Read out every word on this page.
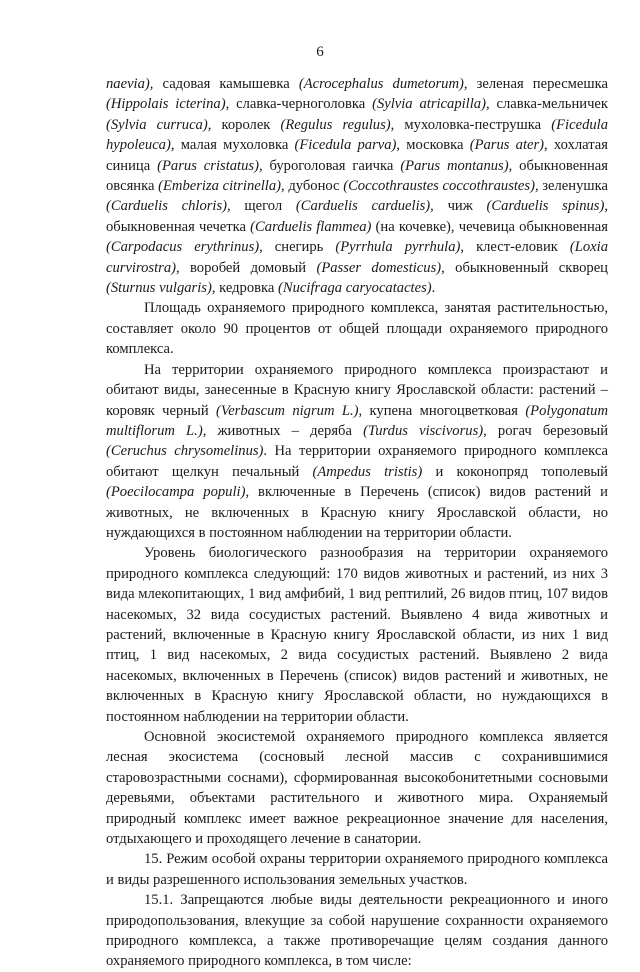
6

naevia), садовая камышевка (Acrocephalus dumetorum), зеленая пересмешка (Hippolais icterina), славка-черноголовка (Sylvia atricapilla), славка-мельничек (Sylvia curruca), королек (Regulus regulus), мухоловка-пеструшка (Ficedula hypoleuca), малая мухоловка (Ficedula parva), московка (Parus ater), хохлатая синица (Parus cristatus), буроголовая гаичка (Parus montanus), обыкновенная овсянка (Emberiza citrinella), дубонос (Coccothraustes coccothraustes), зеленушка (Carduelis chloris), щегол (Carduelis carduelis), чиж (Carduelis spinus), обыкновенная чечетка (Carduelis flammea) (на кочевке), чечевица обыкновенная (Carpodacus erythrinus), снегирь (Pyrrhula pyrrhula), клест-еловик (Loxia curvirostra), воробей домовый (Passer domesticus), обыкновенный скворец (Sturnus vulgaris), кедровка (Nucifraga caryocatactes).

Площадь охраняемого природного комплекса, занятая растительностью, составляет около 90 процентов от общей площади охраняемого природного комплекса.

На территории охраняемого природного комплекса произрастают и обитают виды, занесенные в Красную книгу Ярославской области: растений – коровяк черный (Verbascum nigrum L.), купена многоцветковая (Polygonatum multiflorum L.), животных – деряба (Turdus viscivorus), рогач березовый (Ceruchus chrysomelinus). На территории охраняемого природного комплекса обитают щелкун печальный (Ampedus tristis) и коконопряд тополевый (Poecilocampa populi), включенные в Перечень (список) видов растений и животных, не включенных в Красную книгу Ярославской области, но нуждающихся в постоянном наблюдении на территории области.

Уровень биологического разнообразия на территории охраняемого природного комплекса следующий: 170 видов животных и растений, из них 3 вида млекопитающих, 1 вид амфибий, 1 вид рептилий, 26 видов птиц, 107 видов насекомых, 32 вида сосудистых растений. Выявлено 4 вида животных и растений, включенные в Красную книгу Ярославской области, из них 1 вид птиц, 1 вид насекомых, 2 вида сосудистых растений. Выявлено 2 вида насекомых, включенных в Перечень (список) видов растений и животных, не включенных в Красную книгу Ярославской области, но нуждающихся в постоянном наблюдении на территории области.

Основной экосистемой охраняемого природного комплекса является лесная экосистема (сосновый лесной массив с сохранившимися старовозрастными соснами), сформированная высокобонитетными сосновыми деревьями, объектами растительного и животного мира. Охраняемый природный комплекс имеет важное рекреационное значение для населения, отдыхающего и проходящего лечение в санатории.

15. Режим особой охраны территории охраняемого природного комплекса и виды разрешенного использования земельных участков.

15.1. Запрещаются любые виды деятельности рекреационного и иного природопользования, влекущие за собой нарушение сохранности охраняемого природного комплекса, а также противоречащие целям создания данного охраняемого природного комплекса, в том числе:
